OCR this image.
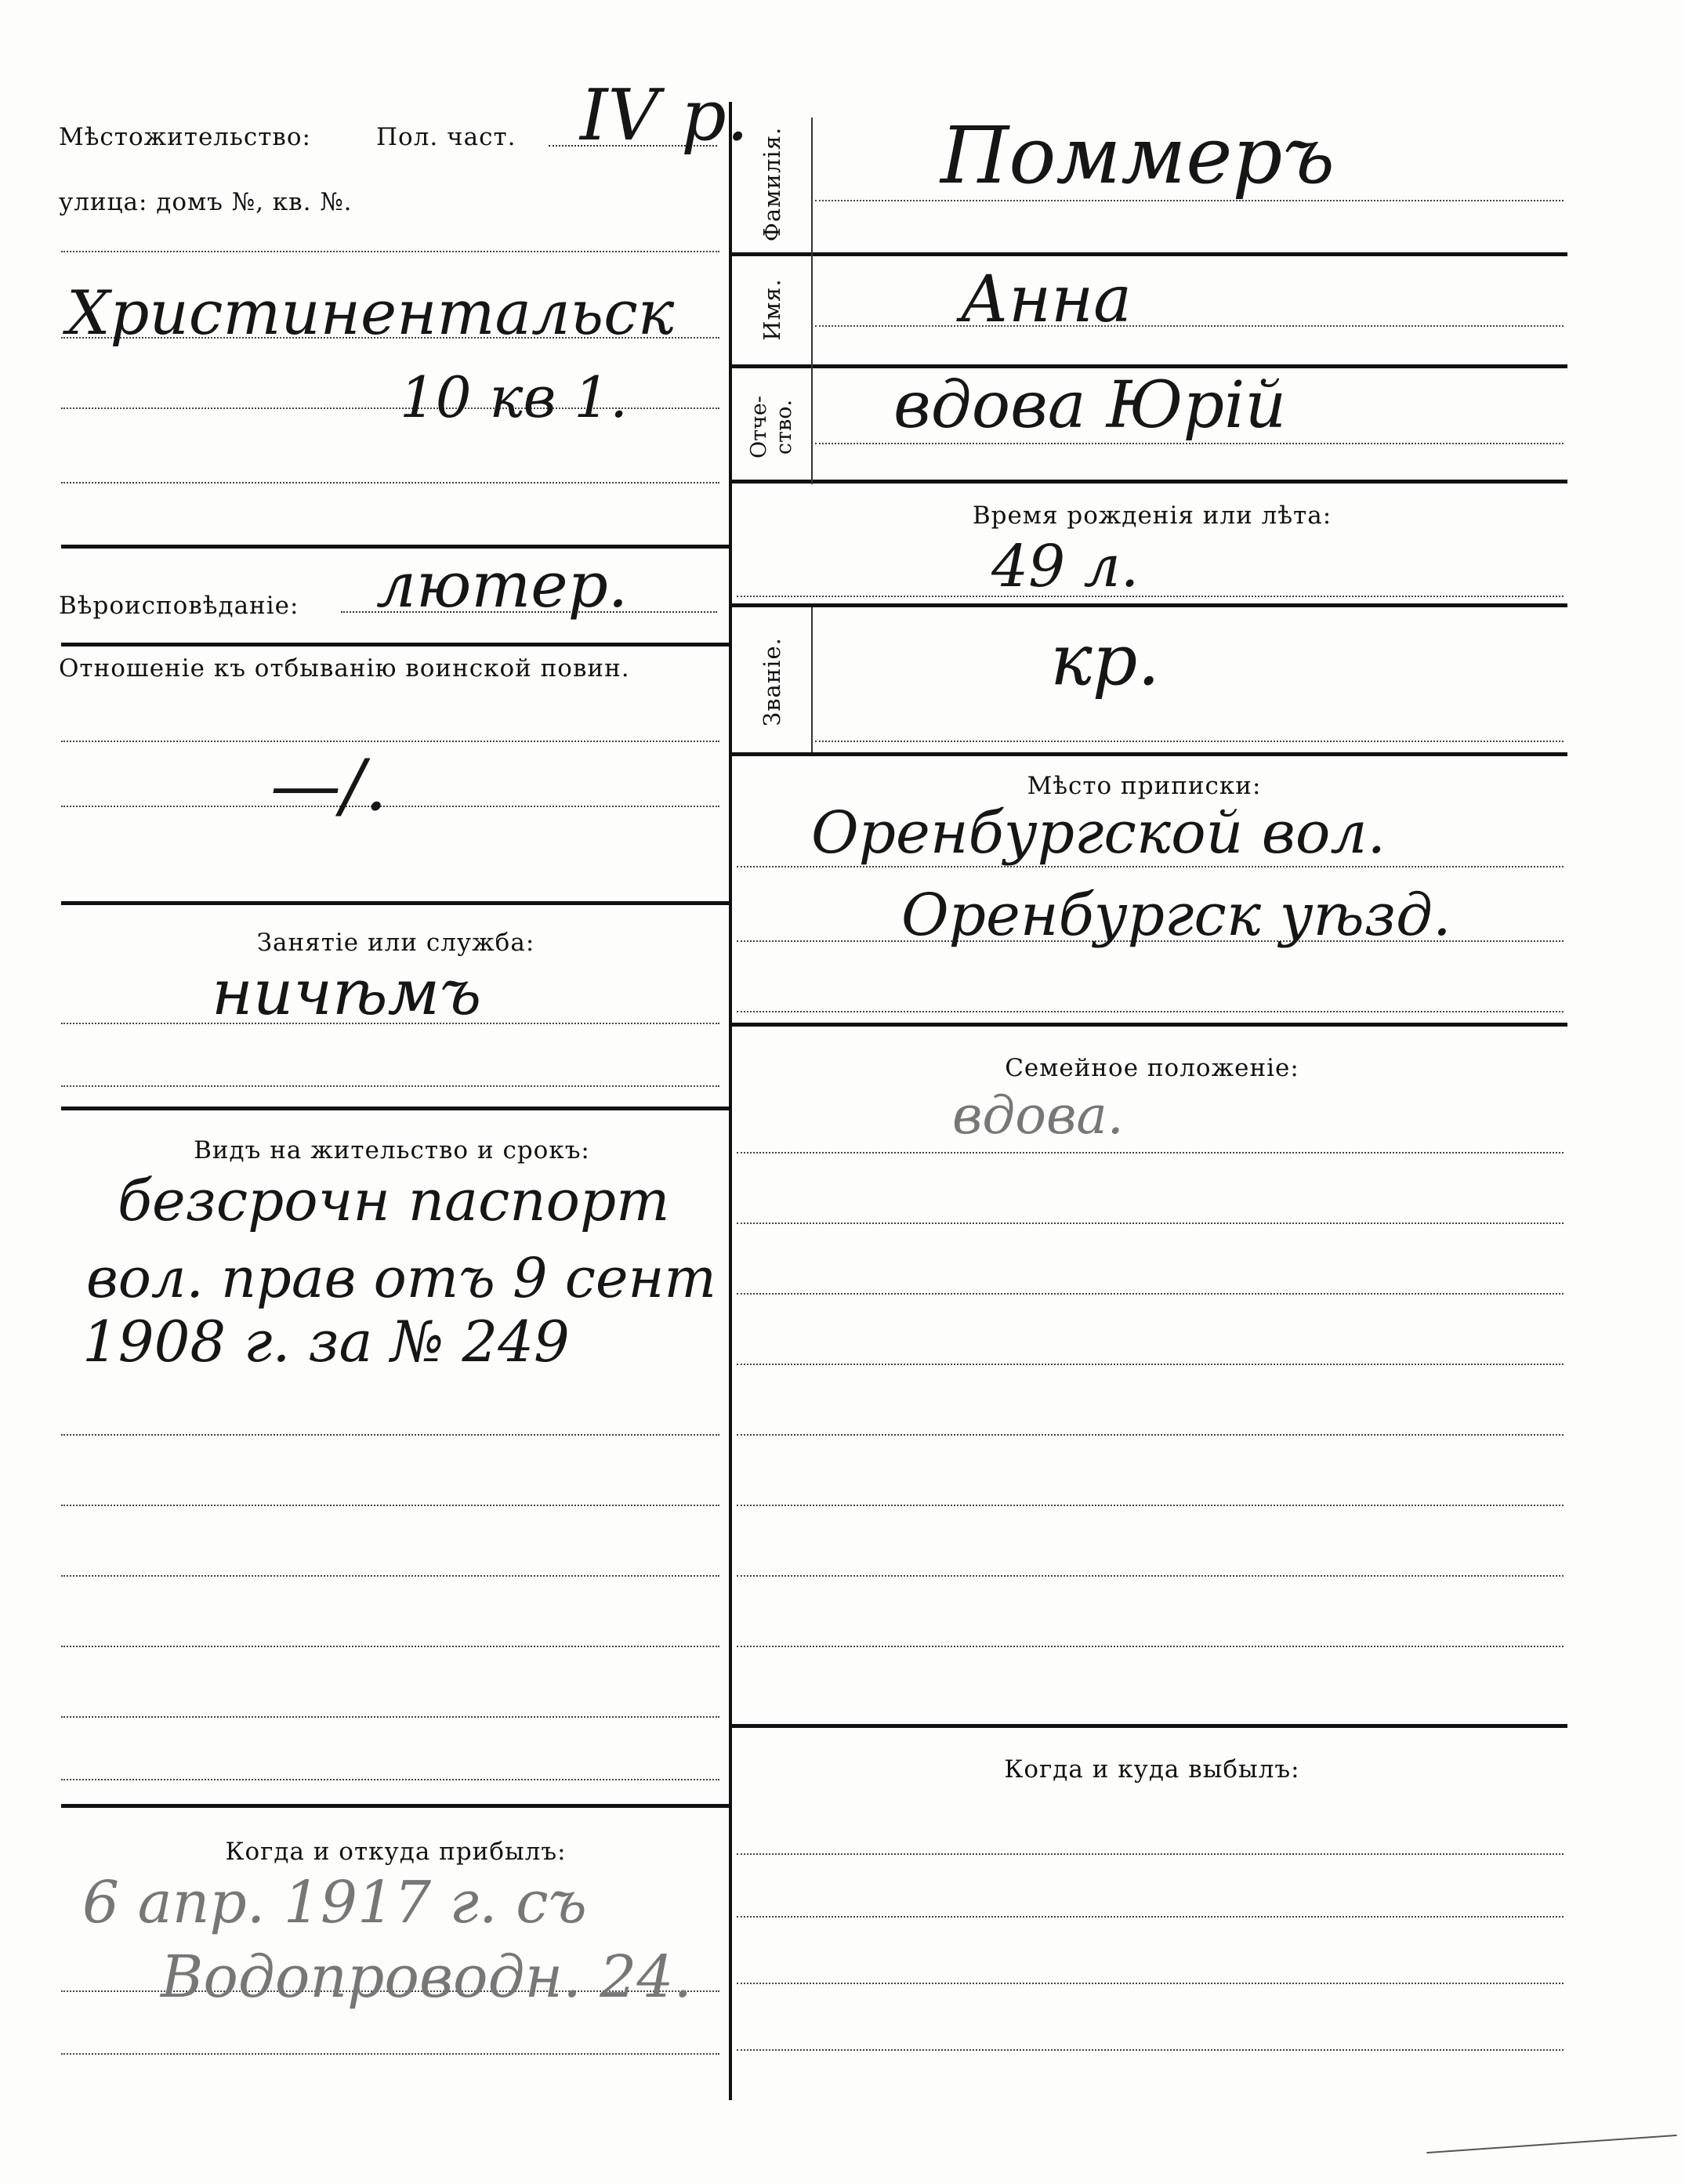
Мѣстожительство:	Пол. част. IV р.
улица: домъ №, кв. №.
Христинентальск
10 кв 1.
Вѣроисповѣданіе: лютер.
Отношеніе къ отбыванію воинской повин.
—/.
Занятіе или служба:
ничѣмъ
Видъ на жительство и срокъ:
безсрочн паспорт
вол. прав отъ 9 сент
1908 г. за № 249
Когда и откуда прибылъ:
6 апр. 1917 г. съ
Водопроводн. 24.
Фамилія. Поммеръ
Имя.	Анна
Отче- ство. вдова Юрій
Время рожденія или лѣта:
49 л.
Званіе.	кр.
Мѣсто приписки:
Оренбургской вол.
Оренбургск уѣзд.
Семейное положеніе:
вдова.
Когда и куда выбылъ:
